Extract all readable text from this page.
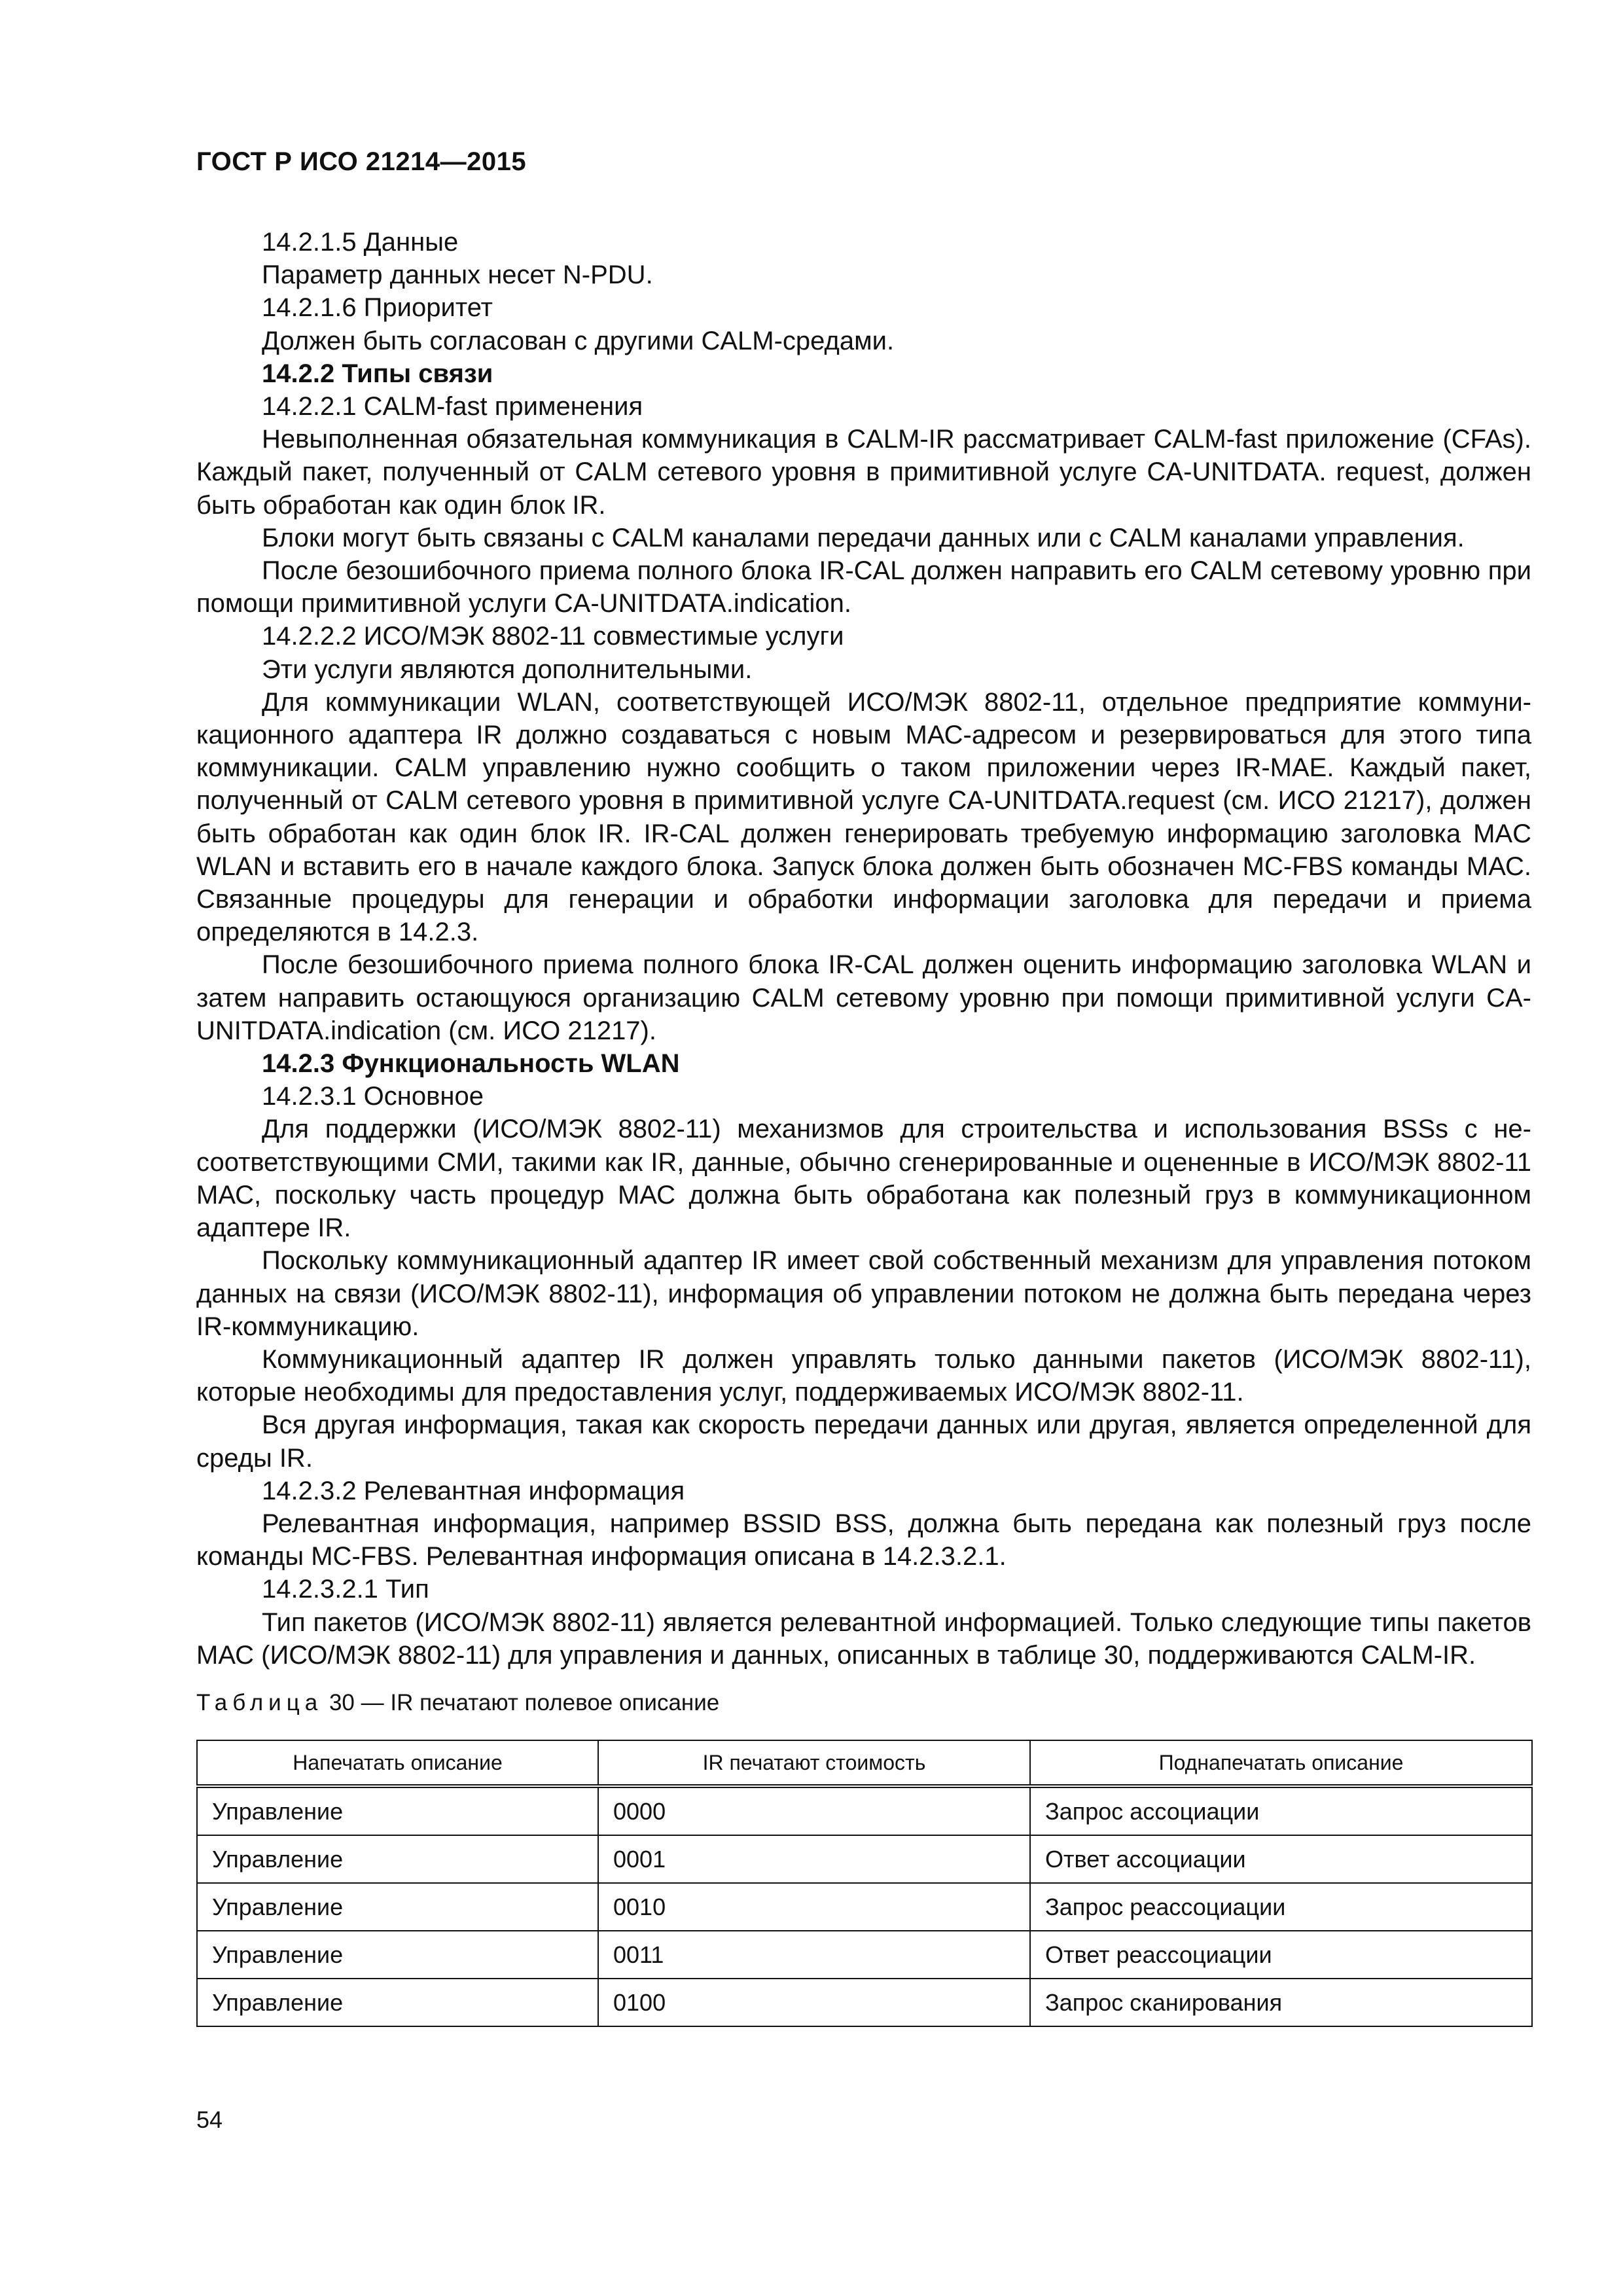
ГОСТ Р ИСО 21214—2015

14.2.1.5 Данные

Параметр данных несет N-PDU.

14.2.1.6 Приоритет

Должен быть согласован с другими CALM-средами.

14.2.2 Типы связи

14.2.2.1 CALM-fast применения

Невыполненная обязательная коммуникация в CALM-IR рассматривает CALM-fast приложение (CFAs). Каждый пакет, полученный от CALM сетевого уровня в примитивной услуге CA-UNITDATA. request, должен быть обработан как один блок IR.

Блоки могут быть связаны с CALM каналами передачи данных или с CALM каналами управления.

После безошибочного приема полного блока IR-CAL должен направить его CALM сетевому уровню при помощи примитивной услуги CA-UNITDATA.indication.

14.2.2.2 ИСО/МЭК 8802-11 совместимые услуги

Эти услуги являются дополнительными.

Для коммуникации WLAN, соответствующей ИСО/МЭК 8802-11, отдельное предприятие коммуникационного адаптера IR должно создаваться с новым МАС-адресом и резервироваться для этого типа коммуникации. CALM управлению нужно сообщить о таком приложении через IR-MAE. Каждый пакет, полученный от CALM сетевого уровня в примитивной услуге CA-UNITDATA.request (см. ИСО 21217), должен быть обработан как один блок IR. IR-CAL должен генерировать требуемую информацию заголовка MAC WLAN и вставить его в начале каждого блока. Запуск блока должен быть обозначен MC-FBS команды МАС. Связанные процедуры для генерации и обработки информации заголовка для передачи и приема определяются в 14.2.3.

После безошибочного приема полного блока IR-CAL должен оценить информацию заголовка WLAN и затем направить остающуюся организацию CALM сетевому уровню при помощи примитивной услуги CA-UNITDATA.indication (см. ИСО 21217).

14.2.3 Функциональность WLAN

14.2.3.1 Основное

Для поддержки (ИСО/МЭК 8802-11) механизмов для строительства и использования BSSs с несоответствующими СМИ, такими как IR, данные, обычно сгенерированные и оцененные в ИСО/МЭК 8802-11 МАС, поскольку часть процедур МАС должна быть обработана как полезный груз в коммуникационном адаптере IR.

Поскольку коммуникационный адаптер IR имеет свой собственный механизм для управления потоком данных на связи (ИСО/МЭК 8802-11), информация об управлении потоком не должна быть передана через IR-коммуникацию.

Коммуникационный адаптер IR должен управлять только данными пакетов (ИСО/МЭК 8802-11), которые необходимы для предоставления услуг, поддерживаемых ИСО/МЭК 8802-11.

Вся другая информация, такая как скорость передачи данных или другая, является определенной для среды IR.

14.2.3.2 Релевантная информация

Релевантная информация, например BSSID BSS, должна быть передана как полезный груз после команды MC-FBS. Релевантная информация описана в 14.2.3.2.1.

14.2.3.2.1 Тип

Тип пакетов (ИСО/МЭК 8802-11) является релевантной информацией. Только следующие типы пакетов МАС (ИСО/МЭК 8802-11) для управления и данных, описанных в таблице 30, поддерживаются CALM-IR.

Таблица 30 — IR печатают полевое описание
Напечатать описание	IR печатают стоимость	Поднапечатать описание
Управление	0000	Запрос ассоциации
Управление	0001	Ответ ассоциации
Управление	0010	Запрос реассоциации
Управление	0011	Ответ реассоциации
Управление	0100	Запрос сканирования
54
